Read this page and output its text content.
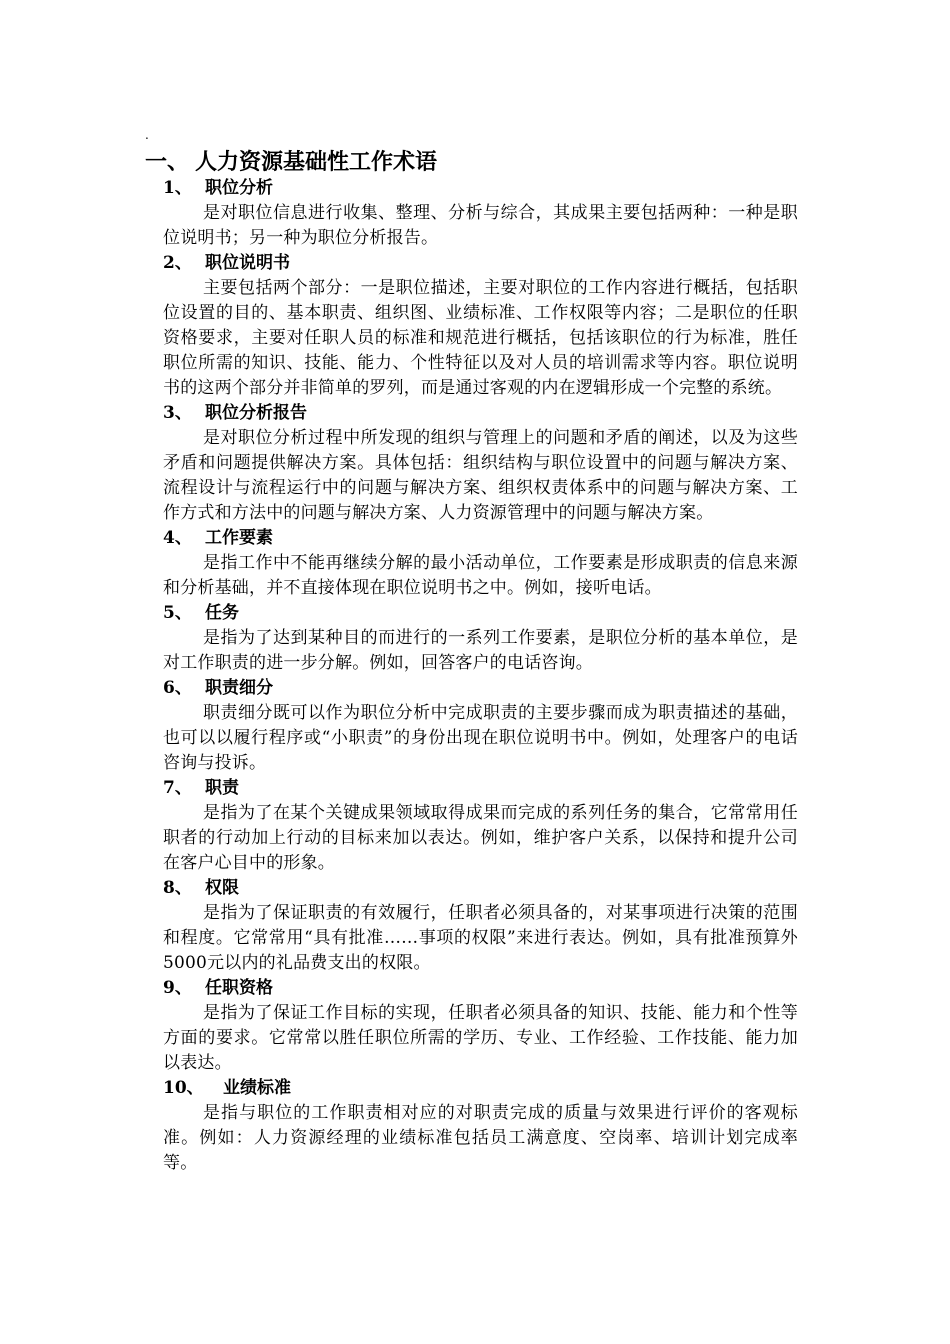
.
一、 人力资源基础性工作术语
1、 职位分析
是对职位信息进行收集、整理、分析与综合，其成果主要包括两种：一种是职位说明书；另一种为职位分析报告。
2、 职位说明书
主要包括两个部分：一是职位描述，主要对职位的工作内容进行概括，包括职位设置的目的、基本职责、组织图、业绩标准、工作权限等内容；二是职位的任职资格要求，主要对任职人员的标准和规范进行概括，包括该职位的行为标准，胜任职位所需的知识、技能、能力、个性特征以及对人员的培训需求等内容。职位说明书的这两个部分并非简单的罗列，而是通过客观的内在逻辑形成一个完整的系统。
3、 职位分析报告
是对职位分析过程中所发现的组织与管理上的问题和矛盾的阐述，以及为这些矛盾和问题提供解决方案。具体包括：组织结构与职位设置中的问题与解决方案、流程设计与流程运行中的问题与解决方案、组织权责体系中的问题与解决方案、工作方式和方法中的问题与解决方案、人力资源管理中的问题与解决方案。
4、 工作要素
是指工作中不能再继续分解的最小活动单位，工作要素是形成职责的信息来源和分析基础，并不直接体现在职位说明书之中。例如，接听电话。
5、 任务
是指为了达到某种目的而进行的一系列工作要素，是职位分析的基本单位，是对工作职责的进一步分解。例如，回答客户的电话咨询。
6、 职责细分
职责细分既可以作为职位分析中完成职责的主要步骤而成为职责描述的基础，也可以以履行程序或“小职责”的身份出现在职位说明书中。例如，处理客户的电话咨询与投诉。
7、 职责
是指为了在某个关键成果领域取得成果而完成的系列任务的集合，它常常用任职者的行动加上行动的目标来加以表达。例如，维护客户关系，以保持和提升公司在客户心目中的形象。
8、 权限
是指为了保证职责的有效履行，任职者必须具备的，对某事项进行决策的范围和程度。它常常用“具有批准……事项的权限”来进行表达。例如，具有批准预算外5000元以内的礼品费支出的权限。
9、 任职资格
是指为了保证工作目标的实现，任职者必须具备的知识、技能、能力和个性等方面的要求。它常常以胜任职位所需的学历、专业、工作经验、工作技能、能力加以表达。
10、 业绩标准
是指与职位的工作职责相对应的对职责完成的质量与效果进行评价的客观标准。例如：人力资源经理的业绩标准包括员工满意度、空岗率、培训计划完成率等。
